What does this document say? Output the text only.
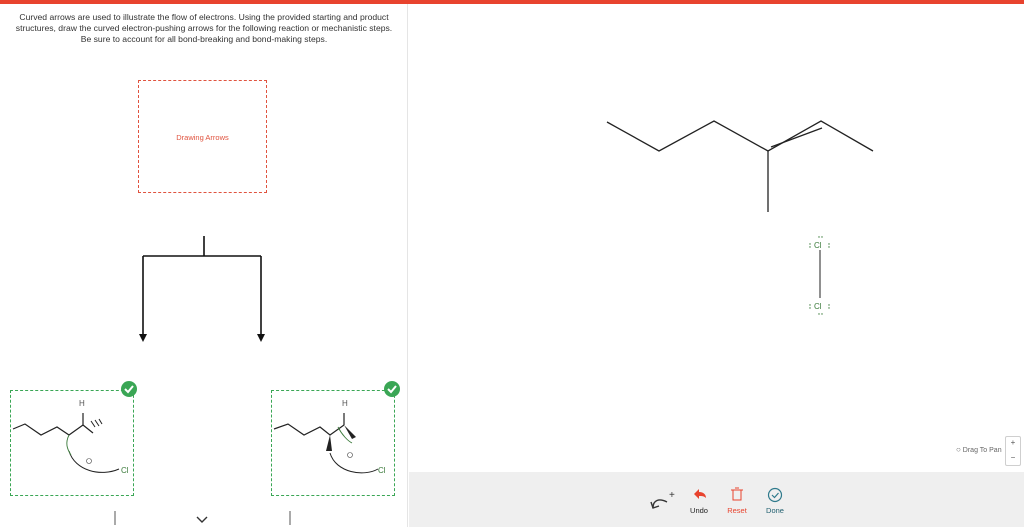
Curved arrows are used to illustrate the flow of electrons. Using the provided starting and product structures, draw the curved electron-pushing arrows for the following reaction or mechanistic steps. Be sure to account for all bond-breaking and bond-making steps.
Drawing Arrows
H
Cl
H
Cl
Cl
Cl
○ Drag To Pan
+
−
+
Undo	Reset	Done
